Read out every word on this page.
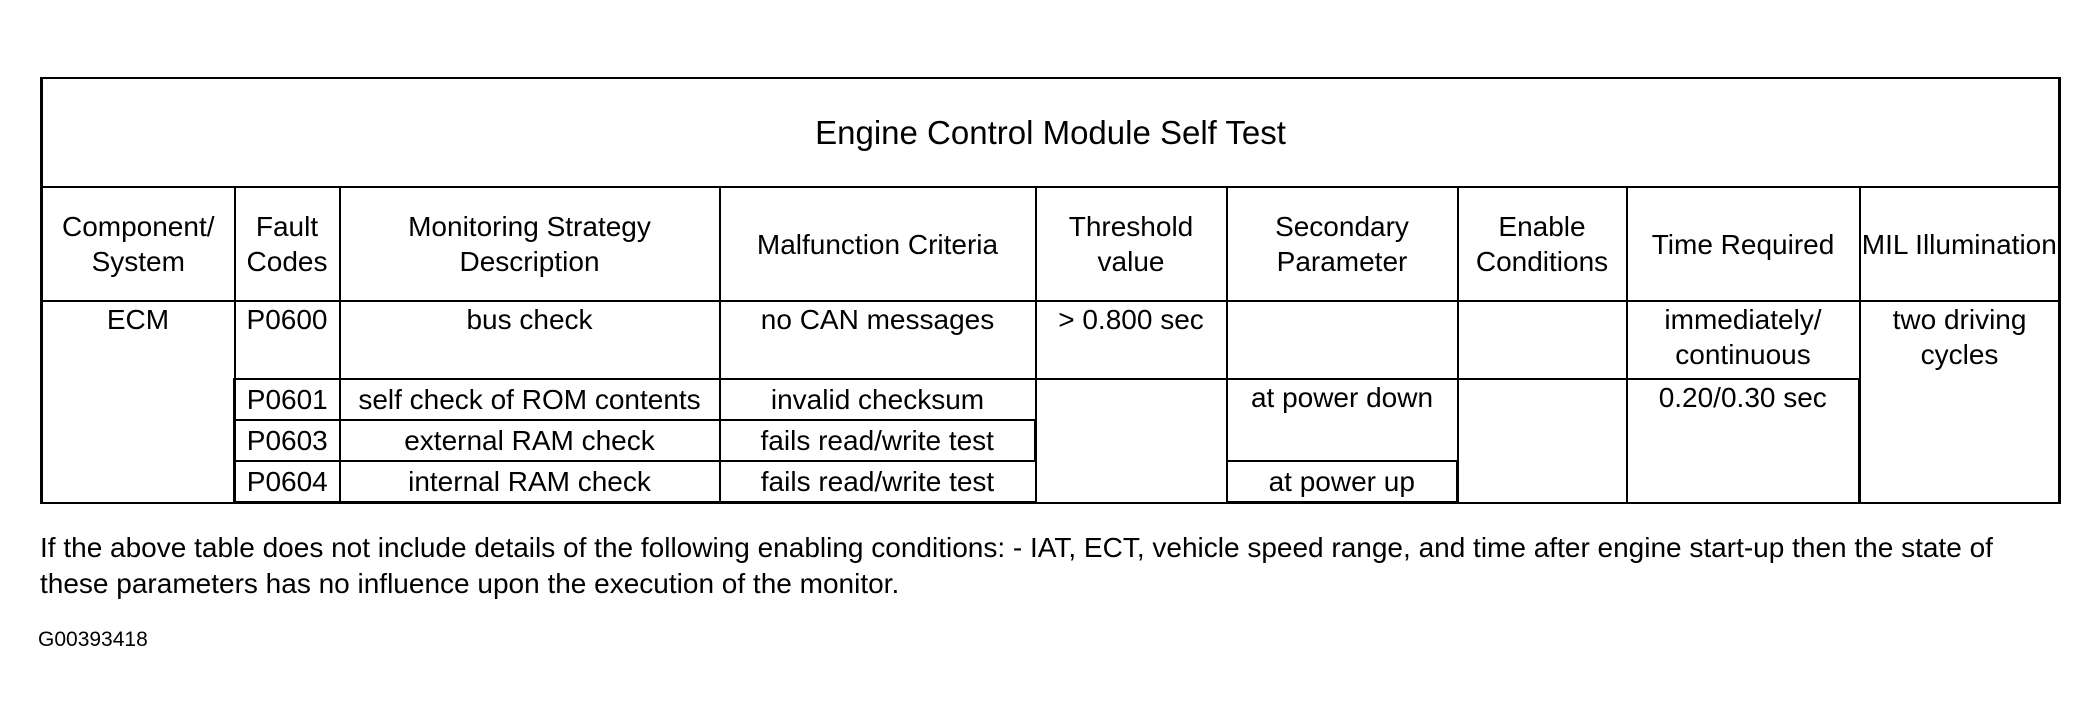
Engine Control Module Self Test								
Component/ System	Fault Codes	Monitoring Strategy Description	Malfunction Criteria	Threshold value	Secondary Parameter	Enable Conditions	Time Required	MIL Illumination
ECM	P0600	bus check	no CAN messages	> 0.800 sec			immediately/ continuous	two driving cycles
	P0601	self check of ROM contents	invalid checksum		at power down		0.20/0.30 sec	
	P0603	external RAM check	fails read/write test					
	P0604	internal RAM check	fails read/write test		at power up			
If the above table does not include details of the following enabling conditions: - IAT, ECT, vehicle speed range, and time after engine start-up then the state of these parameters has no influence upon the execution of the monitor.
G00393418
